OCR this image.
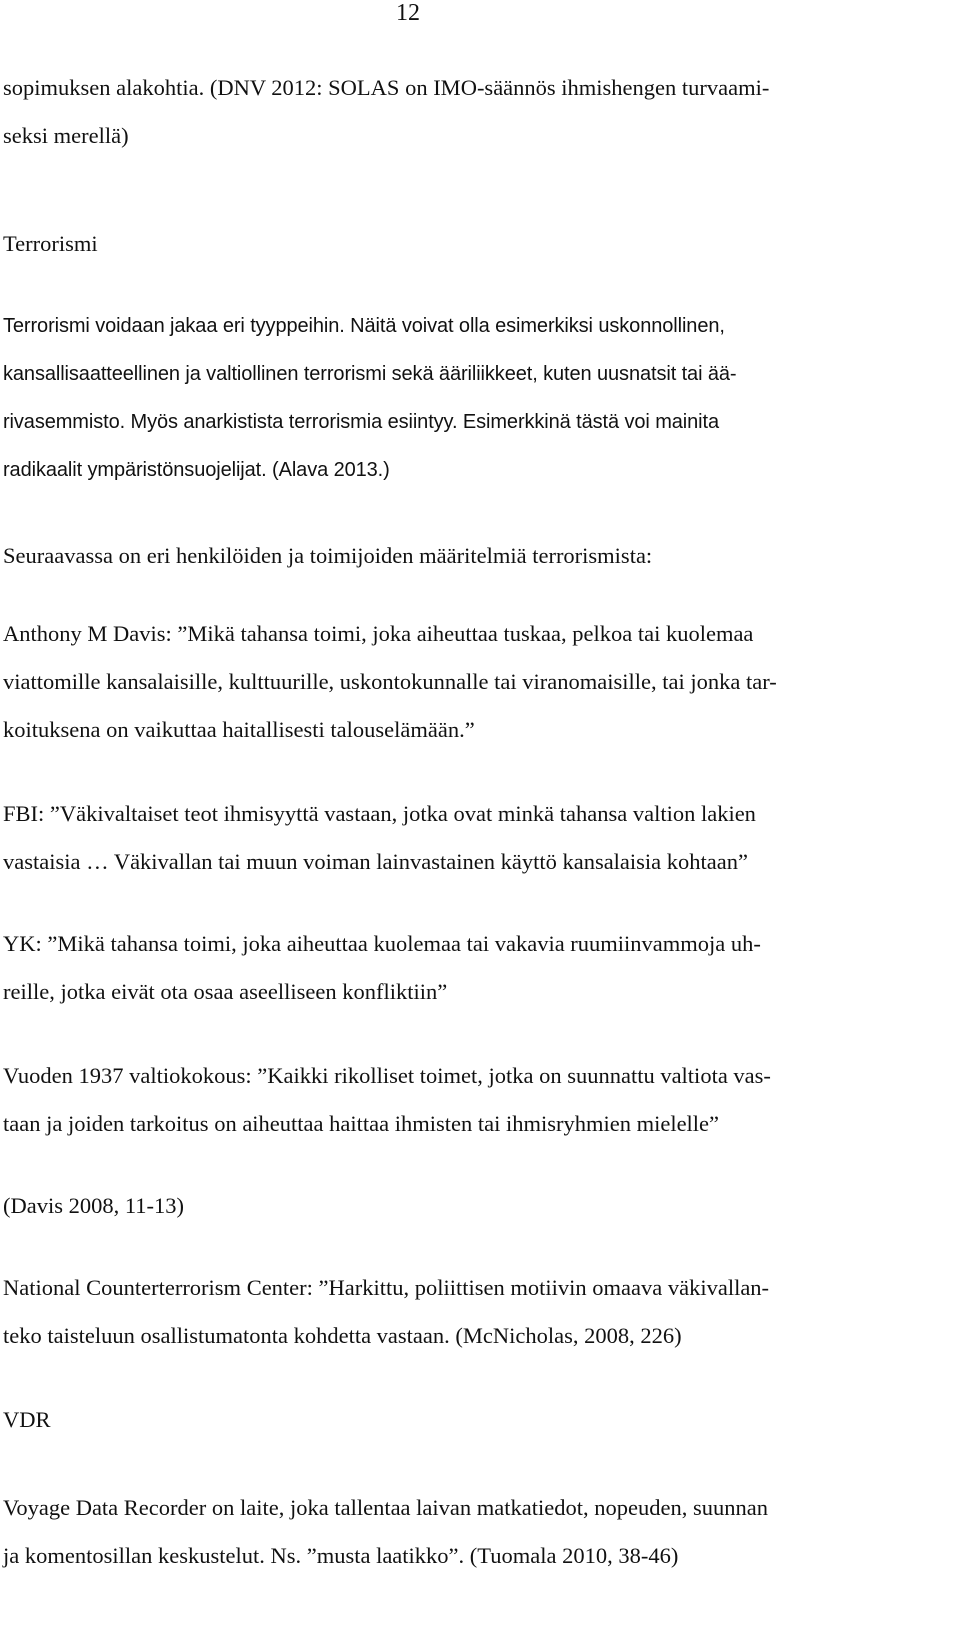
12

sopimuksen alakohtia. (DNV 2012: SOLAS on IMO-säännös ihmishengen turvaami-
seksi merellä)

Terrorismi

Terrorismi voidaan jakaa eri tyyppeihin. Näitä voivat olla esimerkiksi uskonnollinen,
kansallisaatteellinen ja valtiollinen terrorismi sekä ääriliikkeet, kuten uusnatsit tai ää-
rivasemmisto. Myös anarkistista terrorismia esiintyy. Esimerkkinä tästä voi mainita
radikaalit ympäristönsuojelijat. (Alava 2013.)

Seuraavassa on eri henkilöiden ja toimijoiden määritelmiä terrorismista:

Anthony M Davis: ”Mikä tahansa toimi, joka aiheuttaa tuskaa, pelkoa tai kuolemaa
viattomille kansalaisille, kulttuurille, uskontokunnalle tai viranomaisille, tai jonka tar-
koituksena on vaikuttaa haitallisesti talouselämään.”

FBI: ”Väkivaltaiset teot ihmisyyttä vastaan, jotka ovat minkä tahansa valtion lakien
vastaisia … Väkivallan tai muun voiman lainvastainen käyttö kansalaisia kohtaan”

YK: ”Mikä tahansa toimi, joka aiheuttaa kuolemaa tai vakavia ruumiinvammoja uh-
reille, jotka eivät ota osaa aseelliseen konfliktiin”

Vuoden 1937 valtiokokous: ”Kaikki rikolliset toimet, jotka on suunnattu valtiota vas-
taan ja joiden tarkoitus on aiheuttaa haittaa ihmisten tai ihmisryhmien mielelle”

(Davis 2008, 11-13)

National Counterterrorism Center: ”Harkittu, poliittisen motiivin omaava väkivallan-
teko taisteluun osallistumatonta kohdetta vastaan. (McNicholas, 2008, 226)

VDR

Voyage Data Recorder on laite, joka tallentaa laivan matkatiedot, nopeuden, suunnan
ja komentosillan keskustelut. Ns. ”musta laatikko”. (Tuomala 2010, 38-46)
